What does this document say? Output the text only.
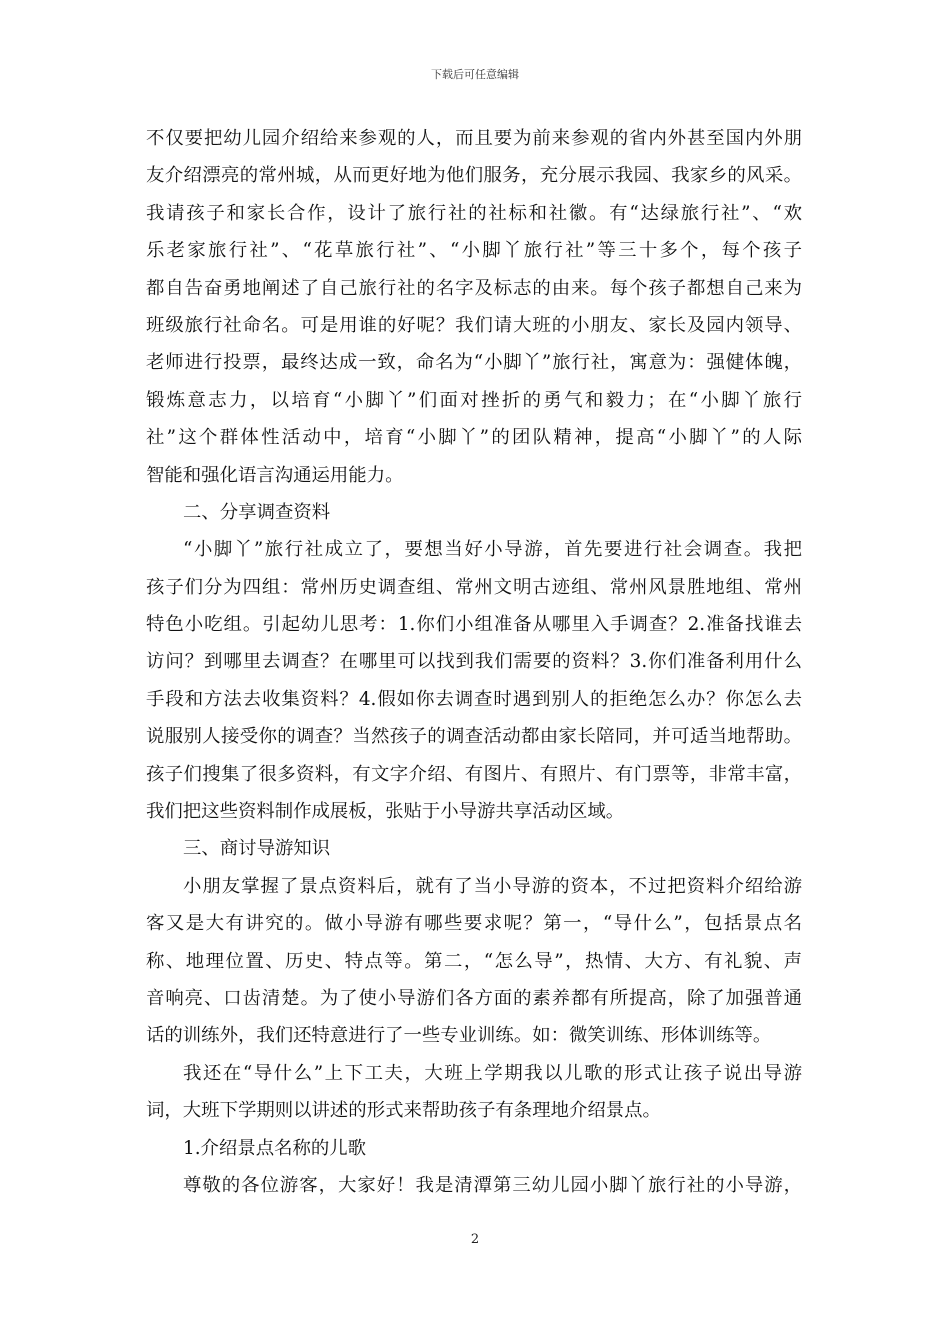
下载后可任意编辑
不仅要把幼儿园介绍给来参观的人，而且要为前来参观的省内外甚至国内外朋
友介绍漂亮的常州城，从而更好地为他们服务，充分展示我园、我家乡的风采。
我请孩子和家长合作，设计了旅行社的社标和社徽。有“达绿旅行社”、“欢
乐老家旅行社”、“花草旅行社”、“小脚丫旅行社”等三十多个，每个孩子
都自告奋勇地阐述了自己旅行社的名字及标志的由来。每个孩子都想自己来为
班级旅行社命名。可是用谁的好呢？我们请大班的小朋友、家长及园内领导、
老师进行投票，最终达成一致，命名为“小脚丫”旅行社，寓意为：强健体魄，
锻炼意志力，以培育“小脚丫”们面对挫折的勇气和毅力；在“小脚丫旅行
社”这个群体性活动中，培育“小脚丫”的团队精神，提高“小脚丫”的人际
智能和强化语言沟通运用能力。
二、分享调查资料
“小脚丫”旅行社成立了，要想当好小导游，首先要进行社会调查。我把
孩子们分为四组：常州历史调查组、常州文明古迹组、常州风景胜地组、常州
特色小吃组。引起幼儿思考：1.你们小组准备从哪里入手调查？2.准备找谁去
访问？到哪里去调查？在哪里可以找到我们需要的资料？3.你们准备利用什么
手段和方法去收集资料？4.假如你去调查时遇到别人的拒绝怎么办？你怎么去
说服别人接受你的调查？当然孩子的调查活动都由家长陪同，并可适当地帮助。
孩子们搜集了很多资料，有文字介绍、有图片、有照片、有门票等，非常丰富，
我们把这些资料制作成展板，张贴于小导游共享活动区域。
三、商讨导游知识
小朋友掌握了景点资料后，就有了当小导游的资本，不过把资料介绍给游
客又是大有讲究的。做小导游有哪些要求呢？第一，“导什么”，包括景点名
称、地理位置、历史、特点等。第二，“怎么导”，热情、大方、有礼貌、声
音响亮、口齿清楚。为了使小导游们各方面的素养都有所提高，除了加强普通
话的训练外，我们还特意进行了一些专业训练。如：微笑训练、形体训练等。
我还在“导什么”上下工夫，大班上学期我以儿歌的形式让孩子说出导游
词，大班下学期则以讲述的形式来帮助孩子有条理地介绍景点。
1.介绍景点名称的儿歌
尊敬的各位游客，大家好！我是清潭第三幼儿园小脚丫旅行社的小导游，
2
